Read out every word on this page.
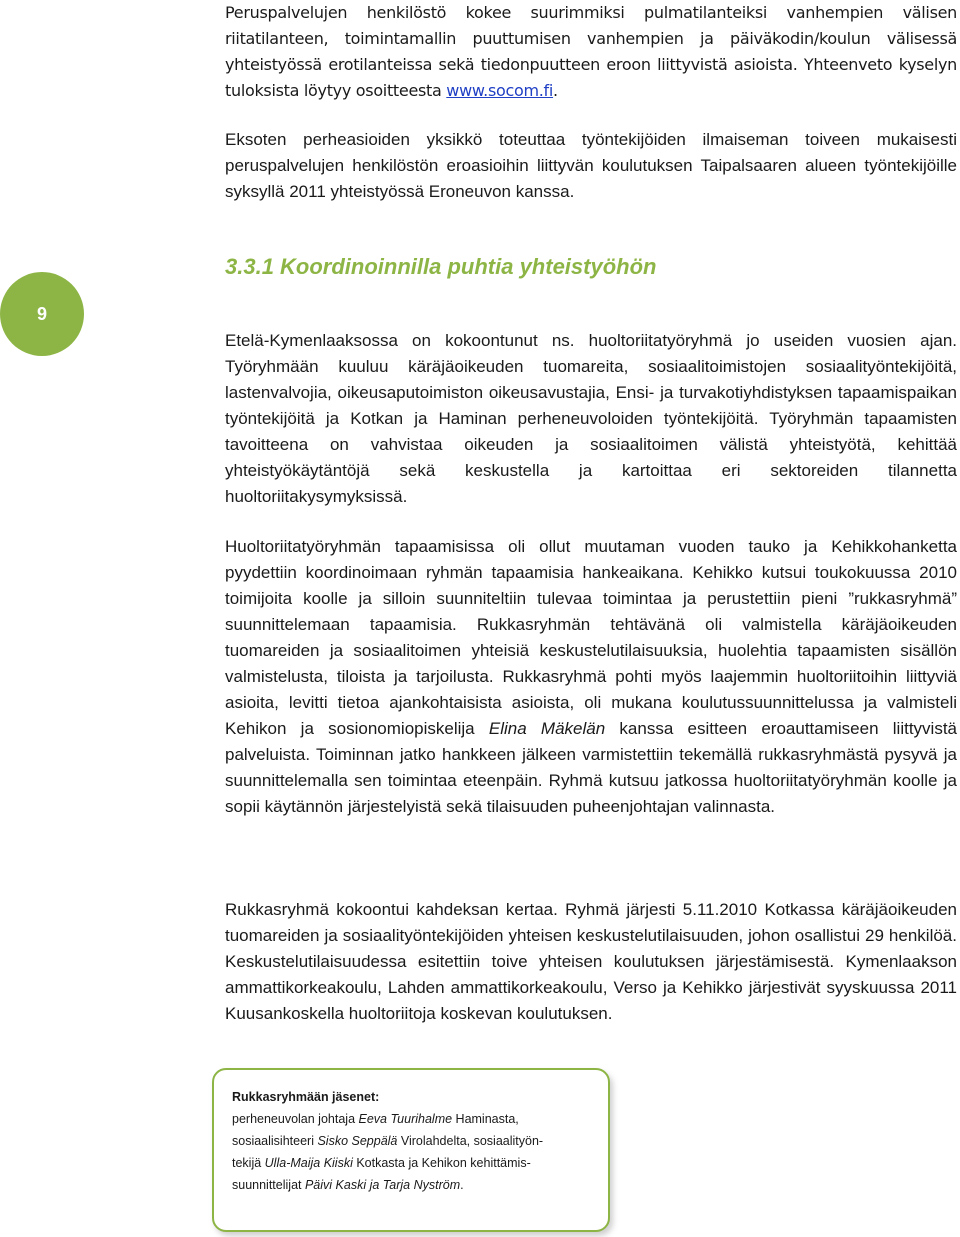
Peruspalvelujen henkilöstö kokee suurimmiksi pulmatilanteiksi vanhempien välisen riitatilanteen, toimintamallin puuttumisen vanhempien ja päiväkodin/koulun välisessä yhteistyössä erotilanteissa sekä tiedonpuutteen eroon liittyvistä asioista. Yhteenveto kyselyn tuloksista löytyy osoitteesta www.socom.fi.

Eksoten perheasioiden yksikkö toteuttaa työntekijöiden ilmaiseman toiveen mukaisesti peruspalvelujen henkilöstön eroasioihin liittyvän koulutuksen Taipalsaaren alueen työntekijöille syksyllä 2011 yhteistyössä Eroneuvon kanssa.

9
3.3.1 Koordinoinnilla puhtia yhteistyöhön

Etelä-Kymenlaaksossa on kokoontunut ns. huoltoriitatyöryhmä jo useiden vuosien ajan. Työryhmään kuuluu käräjäoikeuden tuomareita, sosiaalitoimistojen sosiaalityöntekijöitä, lastenvalvojia, oikeusaputoimiston oikeusavustajia, Ensi- ja turvakotiyhdistyksen tapaamispaikan työntekijöitä ja Kotkan ja Haminan perheneuvoloiden työntekijöitä. Työryhmän tapaamisten tavoitteena on vahvistaa oikeuden ja sosiaalitoimen välistä yhteistyötä, kehittää yhteistyökäytäntöjä sekä keskustella ja kartoittaa eri sektoreiden tilannetta huoltoriitakysymyksissä.

Huoltoriitatyöryhmän tapaamisissa oli ollut muutaman vuoden tauko ja Kehikkohanketta pyydettiin koordinoimaan ryhmän tapaamisia hankeaikana. Kehikko kutsui toukokuussa 2010 toimijoita koolle ja silloin suunniteltiin tulevaa toimintaa ja perustettiin pieni ”rukkasryhmä” suunnittelemaan tapaamisia. Rukkasryhmän tehtävänä oli valmistella käräjäoikeuden tuomareiden ja sosiaalitoimen yhteisiä keskustelutilaisuuksia, huolehtia tapaamisten sisällön valmistelusta, tiloista ja tarjoilusta. Rukkasryhmä pohti myös laajemmin huoltoriitoihin liittyviä asioita, levitti tietoa ajankohtaisista asioista, oli mukana koulutussuunnittelussa ja valmisteli Kehikon ja sosionomiopiskelija Elina Mäkelän kanssa esitteen eroauttamiseen liittyvistä palveluista. Toiminnan jatko hankkeen jälkeen varmistettiin tekemällä rukkasryhmästä pysyvä ja suunnittelemalla sen toimintaa eteenpäin. Ryhmä kutsuu jatkossa huoltoriitatyöryhmän koolle ja sopii käytännön järjestelyistä sekä tilaisuuden puheenjohtajan valinnasta.

Rukkasryhmä kokoontui kahdeksan kertaa. Ryhmä järjesti 5.11.2010 Kotkassa käräjäoikeuden tuomareiden ja sosiaalityöntekijöiden yhteisen keskustelutilaisuuden, johon osallistui 29 henkilöä. Keskustelutilaisuudessa esitettiin toive yhteisen koulutuksen järjestämisestä. Kymenlaakson ammattikorkeakoulu, Lahden ammattikorkeakoulu, Verso ja Kehikko järjestivät syyskuussa 2011 Kuusankoskella huoltoriitoja koskevan koulutuksen.

Rukkasryhmään jäsenet:
perheneuvolan johtaja Eeva Tuurihalme Haminasta,
sosiaalisihteeri Sisko Seppälä Virolahdelta, sosiaalityön-
tekijä Ulla-Maija Kiiski Kotkasta ja Kehikon kehittämis-
suunnittelijat Päivi Kaski ja Tarja Nyström.
